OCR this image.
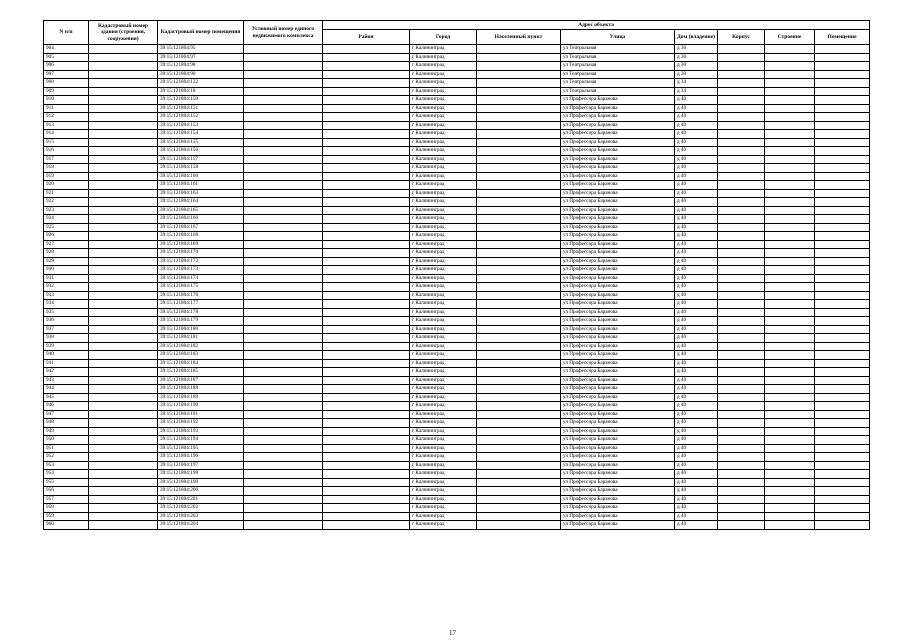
N п/п	Кадастровый номер здания (строения, сооружения)	Кадастровый номер помещения	Условный номер единого недвижимого комплекса	Адрес объекта							
				Район	Город	Населенный пункт	Улица	Дом (владение)	Корпус	Строение	Помещение
904		39:15:121804:95			г Калининград		ул Театральная	д 30			
905		39:15:121804:97			г Калининград		ул Театральная	д 30			
906		39:15:121804:98			г Калининград		ул Театральная	д 30			
907		39:15:121804:90			г Калининград		ул Театральная	д 30			
908		39:15:121804:122			г Калининград		ул Театральная	д 34			
909		39:15:121804:18			г Калининград		ул Театральная	д 34			
910		39:15:121804:150			г Калининград		ул Профессора Баранова	д 40			
911		39:15:121804:151			г Калининград		ул Профессора Баранова	д 40			
912		39:15:121804:152			г Калининград		ул Профессора Баранова	д 40			
913		39:15:121804:153			г Калининград		ул Профессора Баранова	д 40			
914		39:15:121804:154			г Калининград		ул Профессора Баранова	д 40			
915		39:15:121804:155			г Калининград		ул Профессора Баранова	д 40			
916		39:15:121804:156			г Калининград		ул Профессора Баранова	д 40			
917		39:15:121804:157			г Калининград		ул Профессора Баранова	д 40			
918		39:15:121804:158			г Калининград		ул Профессора Баранова	д 40			
919		39:15:121804:160			г Калининград		ул Профессора Баранова	д 40			
920		39:15:121804:161			г Калининград		ул Профессора Баранова	д 40			
921		39:15:121804:163			г Калининград		ул Профессора Баранова	д 40			
922		39:15:121804:164			г Калининград		ул Профессора Баранова	д 40			
923		39:15:121804:165			г Калининград		ул Профессора Баранова	д 40			
924		39:15:121804:166			г Калининград		ул Профессора Баранова	д 40			
925		39:15:121804:167			г Калининград		ул Профессора Баранова	д 40			
926		39:15:121804:168			г Калининград		ул Профессора Баранова	д 40			
927		39:15:121804:169			г Калининград		ул Профессора Баранова	д 40			
928		39:15:121804:170			г Калининград		ул Профессора Баранова	д 40			
929		39:15:121804:172			г Калининград		ул Профессора Баранова	д 40			
930		39:15:121804:173			г Калининград		ул Профессора Баранова	д 40			
931		39:15:121804:174			г Калининград		ул Профессора Баранова	д 40			
932		39:15:121804:175			г Калининград		ул Профессора Баранова	д 40			
933		39:15:121804:176			г Калининград		ул Профессора Баранова	д 40			
934		39:15:121804:177			г Калининград		ул Профессора Баранова	д 40			
935		39:15:121804:178			г Калининград		ул Профессора Баранова	д 40			
936		39:15:121804:179			г Калининград		ул Профессора Баранова	д 40			
937		39:15:121804:180			г Калининград		ул Профессора Баранова	д 40			
938		39:15:121804:181			г Калининград		ул Профессора Баранова	д 40			
939		39:15:121804:182			г Калининград		ул Профессора Баранова	д 40			
940		39:15:121804:183			г Калининград		ул Профессора Баранова	д 40			
941		39:15:121804:184			г Калининград		ул Профессора Баранова	д 40			
942		39:15:121804:185			г Калининград		ул Профессора Баранова	д 40			
943		39:15:121804:187			г Калининград		ул Профессора Баранова	д 40			
944		39:15:121804:188			г Калининград		ул Профессора Баранова	д 40			
945		39:15:121804:189			г Калининград		ул Профессора Баранова	д 40			
946		39:15:121804:190			г Калининград		ул Профессора Баранова	д 40			
947		39:15:121804:191			г Калининград		ул Профессора Баранова	д 40			
948		39:15:121804:192			г Калининград		ул Профессора Баранова	д 40			
949		39:15:121804:193			г Калининград		ул Профессора Баранова	д 40			
950		39:15:121804:194			г Калининград		ул Профессора Баранова	д 40			
951		39:15:121804:195			г Калининград		ул Профессора Баранова	д 40			
952		39:15:121804:196			г Калининград		ул Профессора Баранова	д 40			
953		39:15:121804:197			г Калининград		ул Профессора Баранова	д 40			
954		39:15:121804:198			г Калининград		ул Профессора Баранова	д 40			
955		39:15:121804:199			г Калининград		ул Профессора Баранова	д 40			
956		39:15:121804:200			г Калининград		ул Профессора Баранова	д 40			
957		39:15:121804:201			г Калининград		ул Профессора Баранова	д 40			
958		39:15:121804:202			г Калининград		ул Профессора Баранова	д 40			
959		39:15:121804:203			г Калининград		ул Профессора Баранова	д 40			
960		39:15:121804:204			г Калининград		ул Профессора Баранова	д 40			
17
